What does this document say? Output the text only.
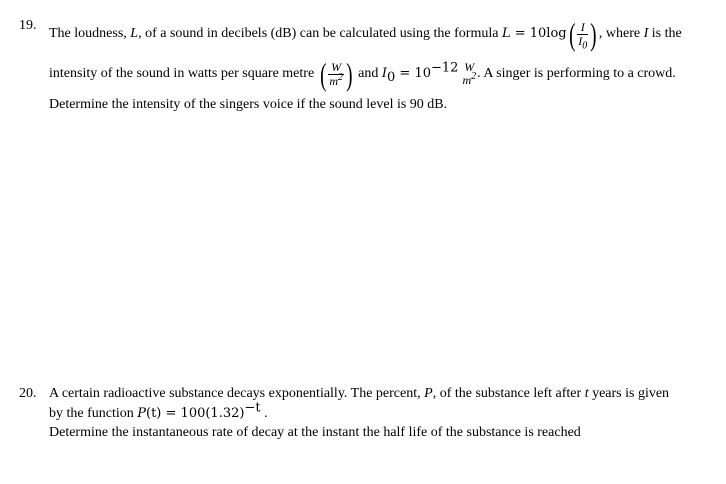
19.
The loudness, L, of a sound in decibels (dB) can be calculated using the formula $L = 10\log( \frac{I}{I_0}$ ) , where I is the
intensity of the sound in watts per square metre ( $\frac{W}{m^2}$ ) and $I_0 = 10^{-12}$ W
$m^2$ . A singer is performing to a crowd.
Determine the intensity of the singers voice if the sound level is 90 dB.
20. A certain radioactive substance decays exponentially. The percent, P, of the substance left after t years is given
by the function $P(t) = 100(1.32)^{-t}$ .
Determine the instantaneous rate of decay at the instant the half life of the substance is reached
